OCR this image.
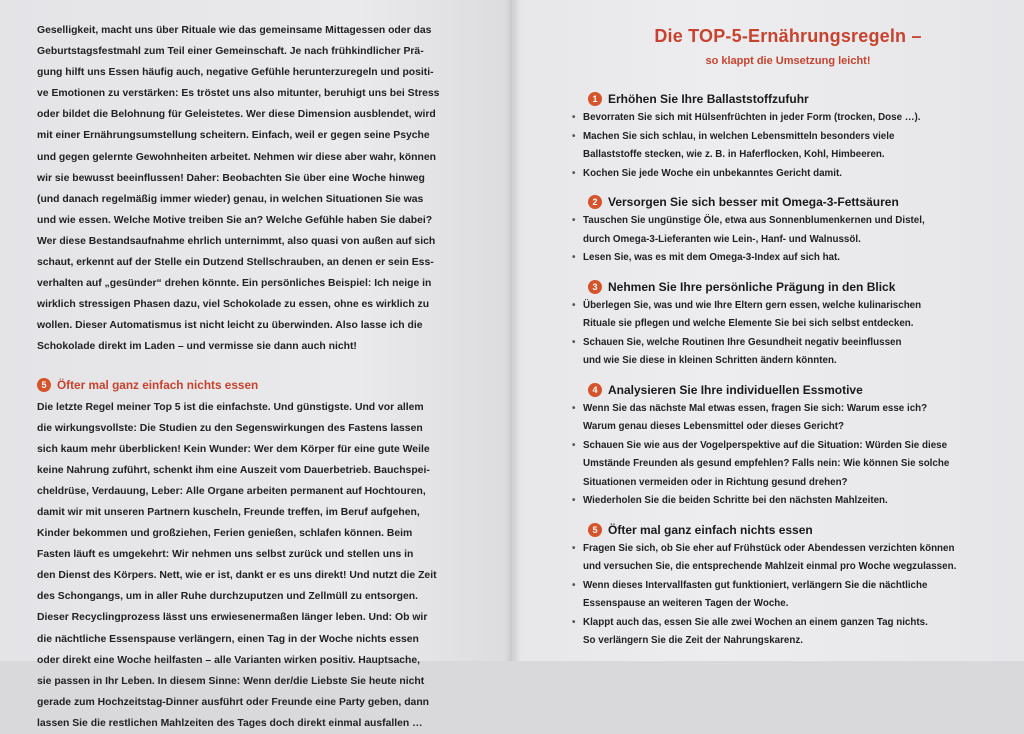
Geselligkeit, macht uns über Rituale wie das gemeinsame Mittagessen oder das
Geburtstagsfestmahl zum Teil einer Gemeinschaft. Je nach frühkindlicher Prä-
gung hilft uns Essen häufig auch, negative Gefühle herunterzuregeln und positi-
ve Emotionen zu verstärken: Es tröstet uns also mitunter, beruhigt uns bei Stress
oder bildet die Belohnung für Geleistetes. Wer diese Dimension ausblendet, wird
mit einer Ernährungsumstellung scheitern. Einfach, weil er gegen seine Psyche
und gegen gelernte Gewohnheiten arbeitet. Nehmen wir diese aber wahr, können
wir sie bewusst beeinflussen! Daher: Beobachten Sie über eine Woche hinweg
(und danach regelmäßig immer wieder) genau, in welchen Situationen Sie was
und wie essen. Welche Motive treiben Sie an? Welche Gefühle haben Sie dabei?
Wer diese Bestandsaufnahme ehrlich unternimmt, also quasi von außen auf sich
schaut, erkennt auf der Stelle ein Dutzend Stellschrauben, an denen er sein Ess-
verhalten auf „gesünder“ drehen könnte. Ein persönliches Beispiel: Ich neige in
wirklich stressigen Phasen dazu, viel Schokolade zu essen, ohne es wirklich zu
wollen. Dieser Automatismus ist nicht leicht zu überwinden. Also lasse ich die
Schokolade direkt im Laden – und vermisse sie dann auch nicht!
5 Öfter mal ganz einfach nichts essen
Die letzte Regel meiner Top 5 ist die einfachste. Und günstigste. Und vor allem
die wirkungsvollste: Die Studien zu den Segenswirkungen des Fastens lassen
sich kaum mehr überblicken! Kein Wunder: Wer dem Körper für eine gute Weile
keine Nahrung zuführt, schenkt ihm eine Auszeit vom Dauerbetrieb. Bauchspei-
cheldrüse, Verdauung, Leber: Alle Organe arbeiten permanent auf Hochtouren,
damit wir mit unseren Partnern kuscheln, Freunde treffen, im Beruf aufgehen,
Kinder bekommen und großziehen, Ferien genießen, schlafen können. Beim
Fasten läuft es umgekehrt: Wir nehmen uns selbst zurück und stellen uns in
den Dienst des Körpers. Nett, wie er ist, dankt er es uns direkt! Und nutzt die Zeit
des Schongangs, um in aller Ruhe durchzuputzen und Zellmüll zu entsorgen.
Dieser Recyclingprozess lässt uns erwiesenermaßen länger leben. Und: Ob wir
die nächtliche Essenspause verlängern, einen Tag in der Woche nichts essen
oder direkt eine Woche heilfasten – alle Varianten wirken positiv. Hauptsache,
sie passen in Ihr Leben. In diesem Sinne: Wenn der/die Liebste Sie heute nicht
gerade zum Hochzeitstag-Dinner ausführt oder Freunde eine Party geben, dann
lassen Sie die restlichen Mahlzeiten des Tages doch direkt einmal ausfallen …
Die TOP-5-Ernährungsregeln –
so klappt die Umsetzung leicht!
1 Erhöhen Sie Ihre Ballaststoffzufuhr
• Bevorraten Sie sich mit Hülsenfrüchten in jeder Form (trocken, Dose …).
• Machen Sie sich schlau, in welchen Lebensmitteln besonders viele
Ballaststoffe stecken, wie z. B. in Haferflocken, Kohl, Himbeeren.
• Kochen Sie jede Woche ein unbekanntes Gericht damit.
2 Versorgen Sie sich besser mit Omega-3-Fettsäuren
• Tauschen Sie ungünstige Öle, etwa aus Sonnenblumenkernen und Distel,
durch Omega-3-Lieferanten wie Lein-, Hanf- und Walnussöl.
• Lesen Sie, was es mit dem Omega-3-Index auf sich hat.
3 Nehmen Sie Ihre persönliche Prägung in den Blick
• Überlegen Sie, was und wie Ihre Eltern gern essen, welche kulinarischen
Rituale sie pflegen und welche Elemente Sie bei sich selbst entdecken.
• Schauen Sie, welche Routinen Ihre Gesundheit negativ beeinflussen
und wie Sie diese in kleinen Schritten ändern könnten.
4 Analysieren Sie Ihre individuellen Essmotive
• Wenn Sie das nächste Mal etwas essen, fragen Sie sich: Warum esse ich?
Warum genau dieses Lebensmittel oder dieses Gericht?
• Schauen Sie wie aus der Vogelperspektive auf die Situation: Würden Sie diese
Umstände Freunden als gesund empfehlen? Falls nein: Wie können Sie solche
Situationen vermeiden oder in Richtung gesund drehen?
• Wiederholen Sie die beiden Schritte bei den nächsten Mahlzeiten.
5 Öfter mal ganz einfach nichts essen
• Fragen Sie sich, ob Sie eher auf Frühstück oder Abendessen verzichten können
und versuchen Sie, die entsprechende Mahlzeit einmal pro Woche wegzulassen.
• Wenn dieses Intervallfasten gut funktioniert, verlängern Sie die nächtliche
Essenspause an weiteren Tagen der Woche.
• Klappt auch das, essen Sie alle zwei Wochen an einem ganzen Tag nichts.
So verlängern Sie die Zeit der Nahrungskarenz.
